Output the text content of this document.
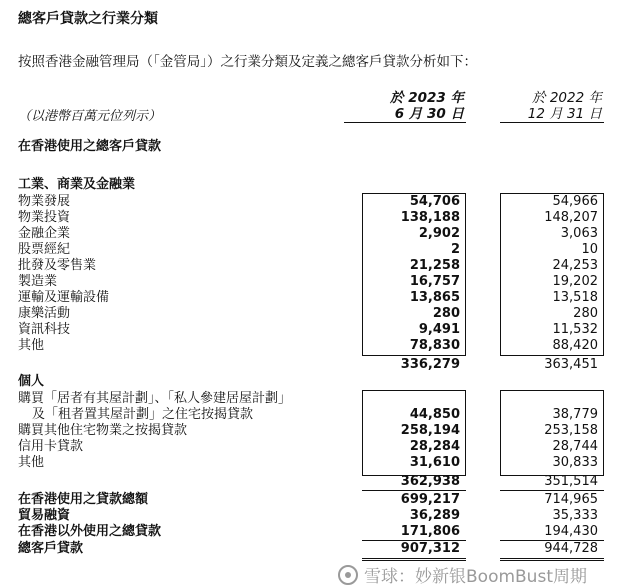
總客戶貸款之行業分類
按照香港金融管理局（「金管局」）之行業分類及定義之總客戶貸款分析如下：
（以港幣百萬元位列示）
於 2023 年
6 月 30 日
於 2022 年
12 月 31 日
在香港使用之總客戶貸款
工業、商業及金融業
物業發展	54,706	54,966
物業投資	138,188	148,207
金融企業	2,902	3,063
股票經紀	2	10
批發及零售業	21,258	24,253
製造業	16,757	19,202
運輸及運輸設備	13,865	13,518
康樂活動	280	280
資訊科技	9,491	11,532
其他	78,830	88,420
336,279	363,451
個人
購買「居者有其屋計劃」、「私人參建居屋計劃」
及「租者置其屋計劃」之住宅按揭貸款	44,850	38,779
購買其他住宅物業之按揭貸款	258,194	253,158
信用卡貸款	28,284	28,744
其他	31,610	30,833
362,938	351,514
在香港使用之貸款總額	699,217	714,965
貿易融資	36,289	35,333
在香港以外使用之總貸款	171,806	194,430
總客戶貸款	907,312	944,728
雪球：妙新银BoomBust周期
